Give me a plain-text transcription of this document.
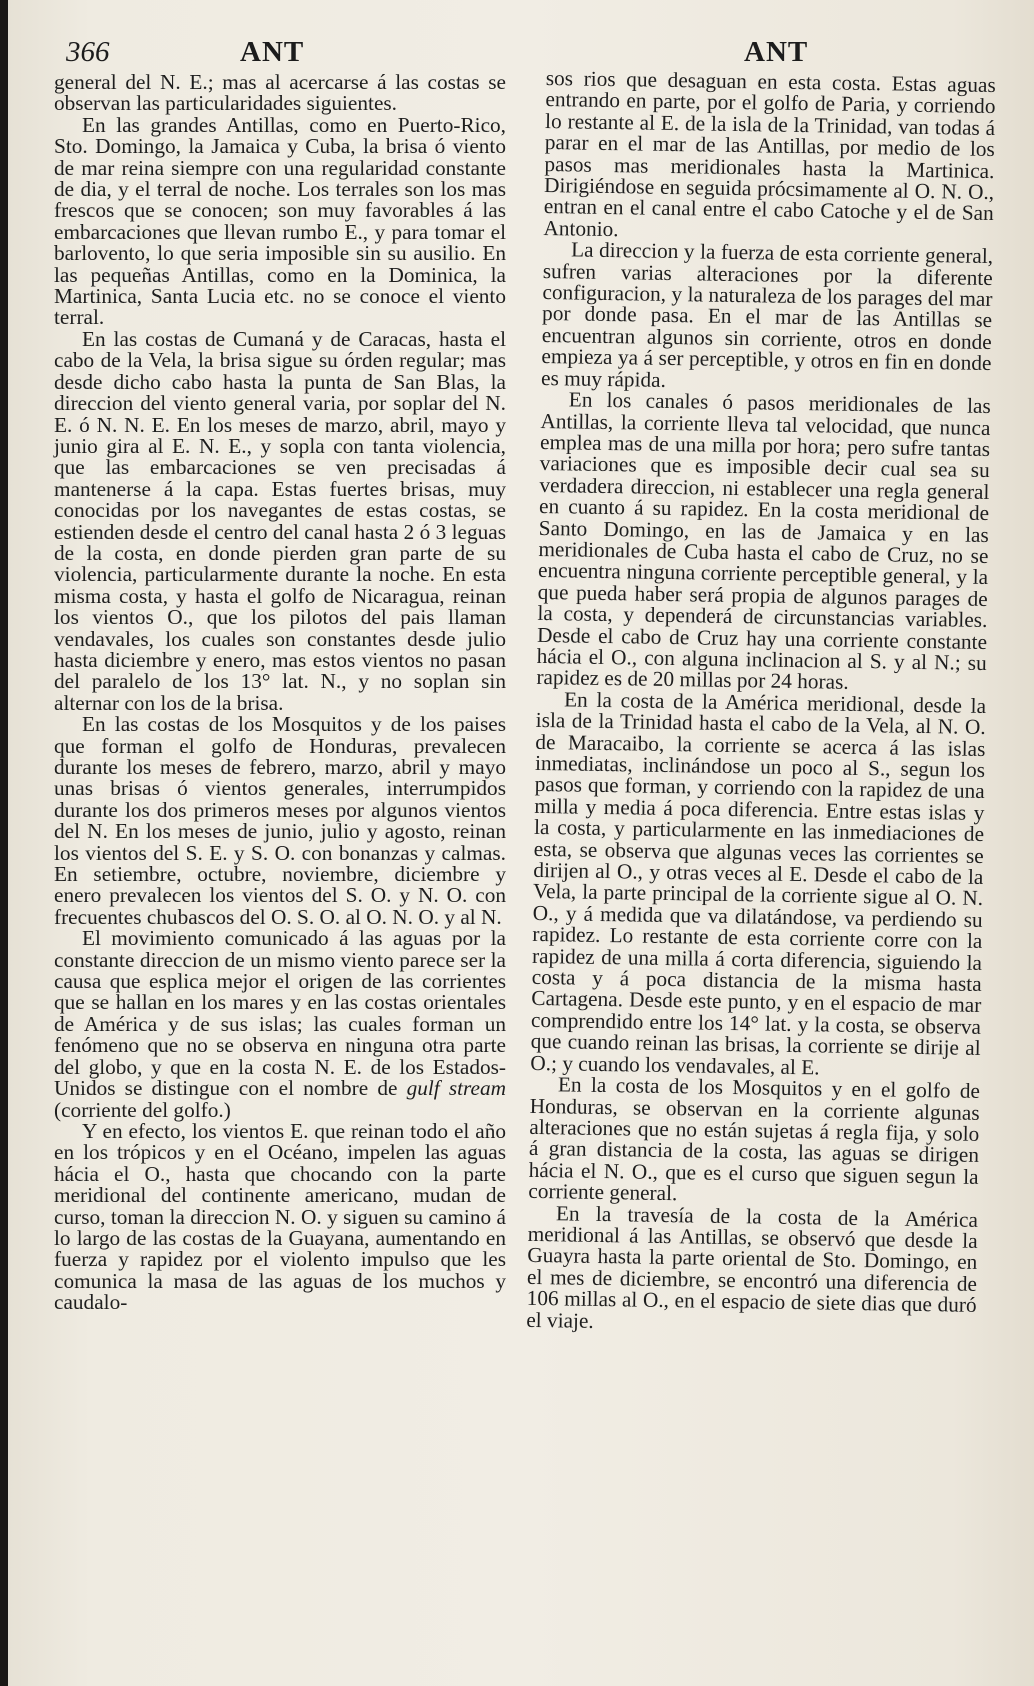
366	ANT	ANT

general del N. E.; mas al acercarse á las costas se observan las particularidades siguientes.

En las grandes Antillas, como en Puerto-Rico, Sto. Domingo, la Jamaica y Cuba, la brisa ó viento de mar reina siempre con una regularidad constante de dia, y el terral de noche. Los terrales son los mas frescos que se conocen; son muy favorables á las embarcaciones que llevan rumbo E., y para tomar el barlovento, lo que seria imposible sin su ausilio. En las pequeñas Antillas, como en la Dominica, la Martinica, Santa Lucia etc. no se conoce el viento terral.

En las costas de Cumaná y de Caracas, hasta el cabo de la Vela, la brisa sigue su órden regular; mas desde dicho cabo hasta la punta de San Blas, la direccion del viento general varia, por soplar del N. E. ó N. N. E. En los meses de marzo, abril, mayo y junio gira al E. N. E., y sopla con tanta violencia, que las embarcaciones se ven precisadas á mantenerse á la capa. Estas fuertes brisas, muy conocidas por los navegantes de estas costas, se estienden desde el centro del canal hasta 2 ó 3 leguas de la costa, en donde pierden gran parte de su violencia, particularmente durante la noche. En esta misma costa, y hasta el golfo de Nicaragua, reinan los vientos O., que los pilotos del pais llaman vendavales, los cuales son constantes desde julio hasta diciembre y enero, mas estos vientos no pasan del paralelo de los 13° lat. N., y no soplan sin alternar con los de la brisa.

En las costas de los Mosquitos y de los paises que forman el golfo de Honduras, prevalecen durante los meses de febrero, marzo, abril y mayo unas brisas ó vientos generales, interrumpidos durante los dos primeros meses por algunos vientos del N. En los meses de junio, julio y agosto, reinan los vientos del S. E. y S. O. con bonanzas y calmas. En setiembre, octubre, noviembre, diciembre y enero prevalecen los vientos del S. O. y N. O. con frecuentes chubascos del O. S. O. al O. N. O. y al N.

El movimiento comunicado á las aguas por la constante direccion de un mismo viento parece ser la causa que esplica mejor el origen de las corrientes que se hallan en los mares y en las costas orientales de América y de sus islas; las cuales forman un fenómeno que no se observa en ninguna otra parte del globo, y que en la costa N. E. de los Estados-Unidos se distingue con el nombre de gulf stream (corriente del golfo.)

Y en efecto, los vientos E. que reinan todo el año en los trópicos y en el Océano, impelen las aguas hácia el O., hasta que chocando con la parte meridional del continente americano, mudan de curso, toman la direccion N. O. y siguen su camino á lo largo de las costas de la Guayana, aumentando en fuerza y rapidez por el violento impulso que les comunica la masa de las aguas de los muchos y caudalo-

sos rios que desaguan en esta costa. Estas aguas entrando en parte, por el golfo de Paria, y corriendo lo restante al E. de la isla de la Trinidad, van todas á parar en el mar de las Antillas, por medio de los pasos mas meridionales hasta la Martinica. Dirigiéndose en seguida prócsimamente al O. N. O., entran en el canal entre el cabo Catoche y el de San Antonio.

La direccion y la fuerza de esta corriente general, sufren varias alteraciones por la diferente configuracion, y la naturaleza de los parages del mar por donde pasa. En el mar de las Antillas se encuentran algunos sin corriente, otros en donde empieza ya á ser perceptible, y otros en fin en donde es muy rápida.

En los canales ó pasos meridionales de las Antillas, la corriente lleva tal velocidad, que nunca emplea mas de una milla por hora; pero sufre tantas variaciones que es imposible decir cual sea su verdadera direccion, ni establecer una regla general en cuanto á su rapidez. En la costa meridional de Santo Domingo, en las de Jamaica y en las meridionales de Cuba hasta el cabo de Cruz, no se encuentra ninguna corriente perceptible general, y la que pueda haber será propia de algunos parages de la costa, y dependerá de circunstancias variables. Desde el cabo de Cruz hay una corriente constante hácia el O., con alguna inclinacion al S. y al N.; su rapidez es de 20 millas por 24 horas.

En la costa de la América meridional, desde la isla de la Trinidad hasta el cabo de la Vela, al N. O. de Maracaibo, la corriente se acerca á las islas inmediatas, inclinándose un poco al S., segun los pasos que forman, y corriendo con la rapidez de una milla y media á poca diferencia. Entre estas islas y la costa, y particularmente en las inmediaciones de esta, se observa que algunas veces las corrientes se dirijen al O., y otras veces al E. Desde el cabo de la Vela, la parte principal de la corriente sigue al O. N. O., y á medida que va dilatándose, va perdiendo su rapidez. Lo restante de esta corriente corre con la rapidez de una milla á corta diferencia, siguiendo la costa y á poca distancia de la misma hasta Cartagena. Desde este punto, y en el espacio de mar comprendido entre los 14° lat. y la costa, se observa que cuando reinan las brisas, la corriente se dirije al O.; y cuando los vendavales, al E.

En la costa de los Mosquitos y en el golfo de Honduras, se observan en la corriente algunas alteraciones que no están sujetas á regla fija, y solo á gran distancia de la costa, las aguas se dirigen hácia el N. O., que es el curso que siguen segun la corriente general.

En la travesía de la costa de la América meridional á las Antillas, se observó que desde la Guayra hasta la parte oriental de Sto. Domingo, en el mes de diciembre, se encontró una diferencia de 106 millas al O., en el espacio de siete dias que duró el viaje.
